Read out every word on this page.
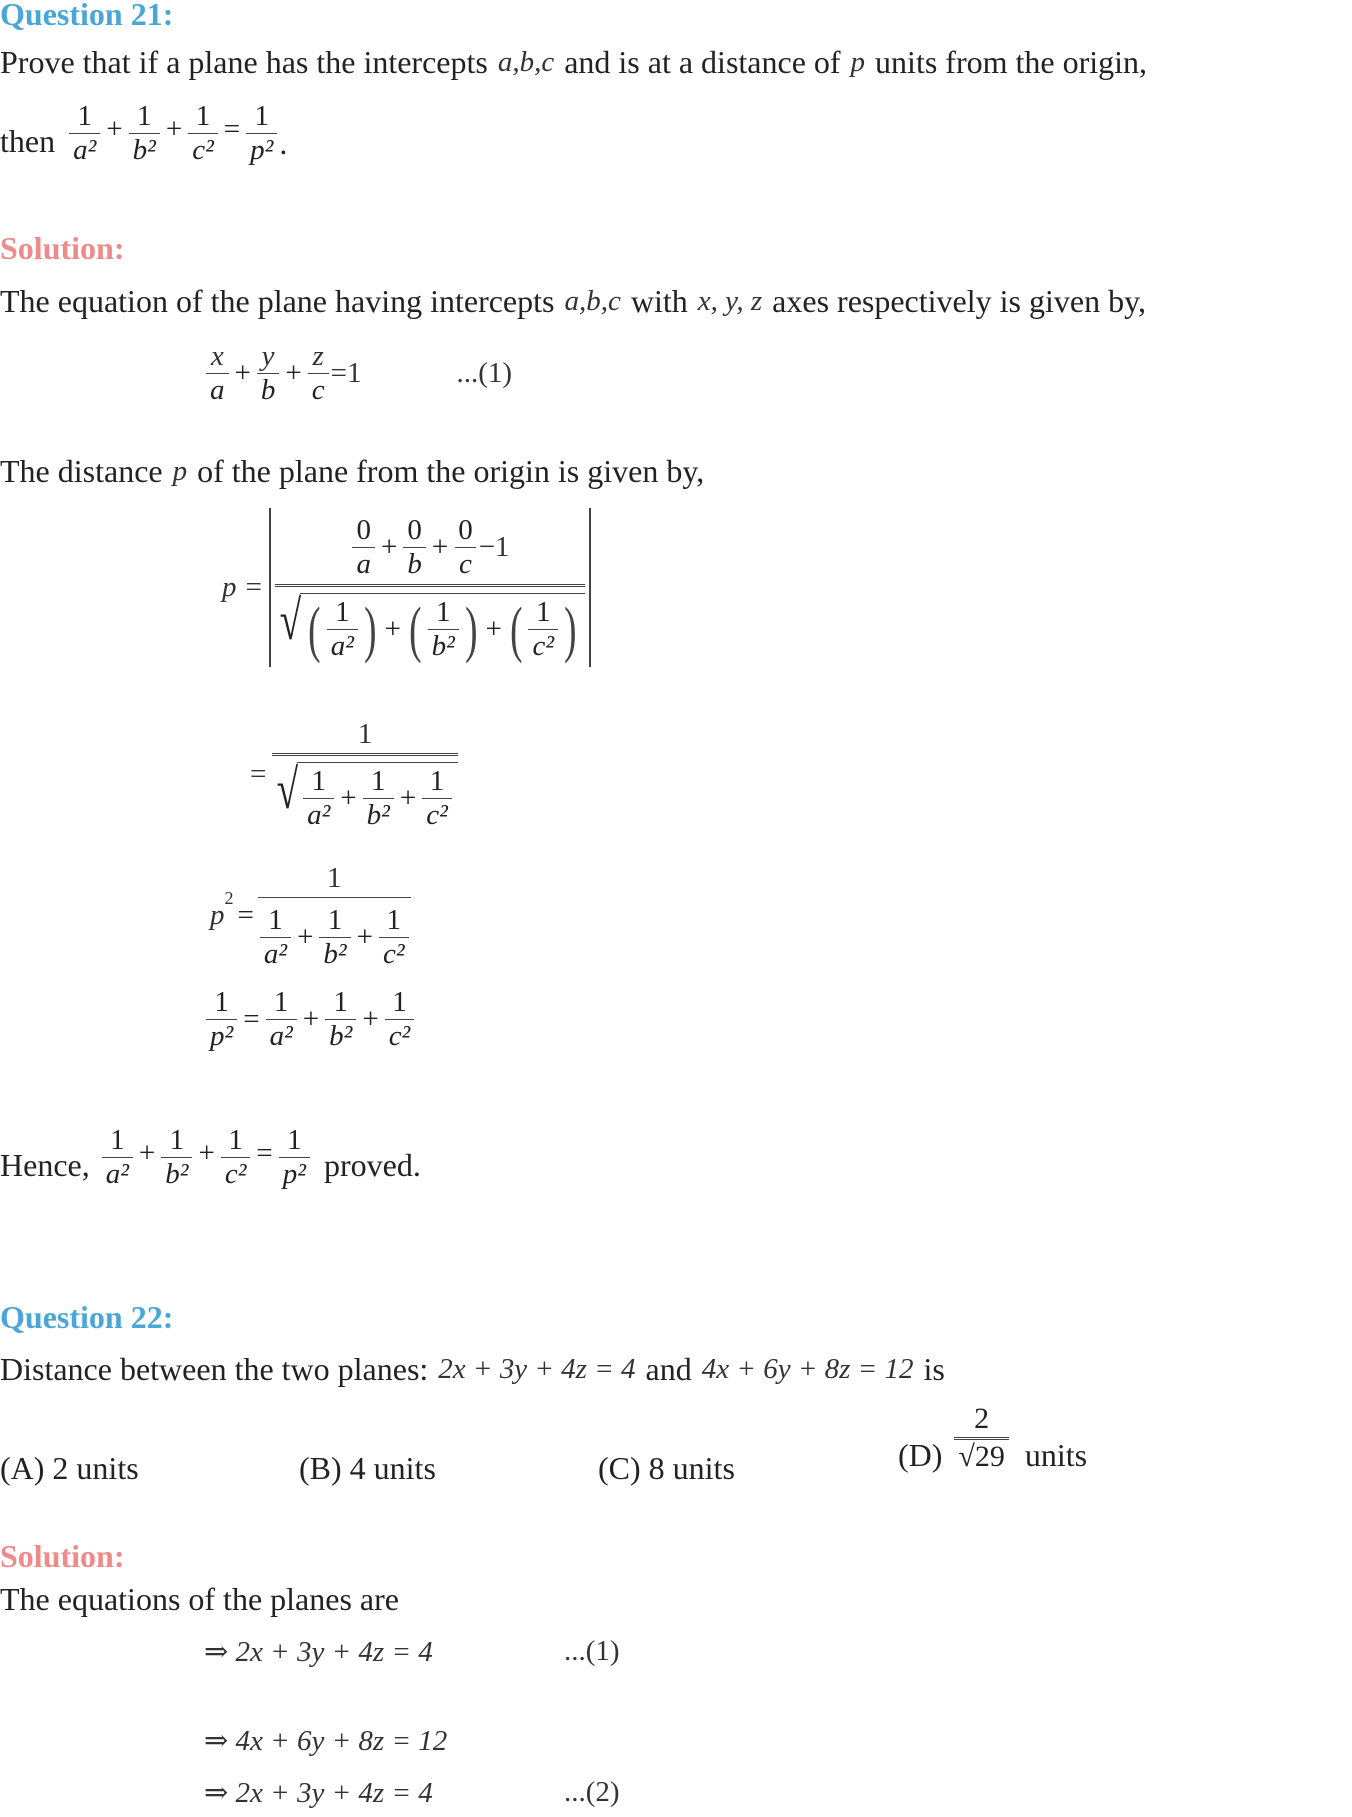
Question 21:
Prove that if a plane has the intercepts a,b,c and is at a distance of p units from the origin,
then $\frac{1}{\text{a²}} + \frac{1}{\text{b²}} + \frac{1}{\text{c²}} = \frac{1}{\text{p²}}$ .
Solution:
The equation of the plane having intercepts a,b,c with x, y, z axes respectively is given by,
$\frac{x}{a} + \frac{y}{b} + \frac{z}{c} =1$	...(1)
The distance p of the plane from the origin is given by,
$p = \frac{\frac{0}{a} + \frac{0}{b} + \frac{0}{c} -1}{√ ( \frac{1}{\text{a²}} ) + ( \frac{1}{\text{b²}} ) + ( \frac{1}{\text{c²}} )}$
= $\frac{1}{√ \frac{1}{\text{a²}} + \frac{1}{\text{b²}} + \frac{1}{\text{c²}}}$
p
$^2$
= $\frac{1}{\frac{1}{\text{a²}} + \frac{1}{\text{b²}} + \frac{1}{\text{c²}}}$
$\frac{1}{\text{p²}} = \frac{1}{\text{a²}} + \frac{1}{\text{b²}} + \frac{1}{\text{c²}}$
Hence, $\frac{1}{\text{a²}} + \frac{1}{\text{b²}} + \frac{1}{\text{c²}} = \frac{1}{\text{p²}}$ proved.
Question 22:
Distance between the two planes: 2x + 3y + 4z = 4 and 4x + 6y + 8z = 12 is
(A) 2 units	(B) 4 units	(C) 8 units	$(D) \frac{2}{√29}$ units
Solution:
The equations of the planes are
⇒ 2x + 3y + 4z = 4	...(1)
⇒ 4x + 6y + 8z = 12
⇒ 2x + 3y + 4z = 4	...(2)
